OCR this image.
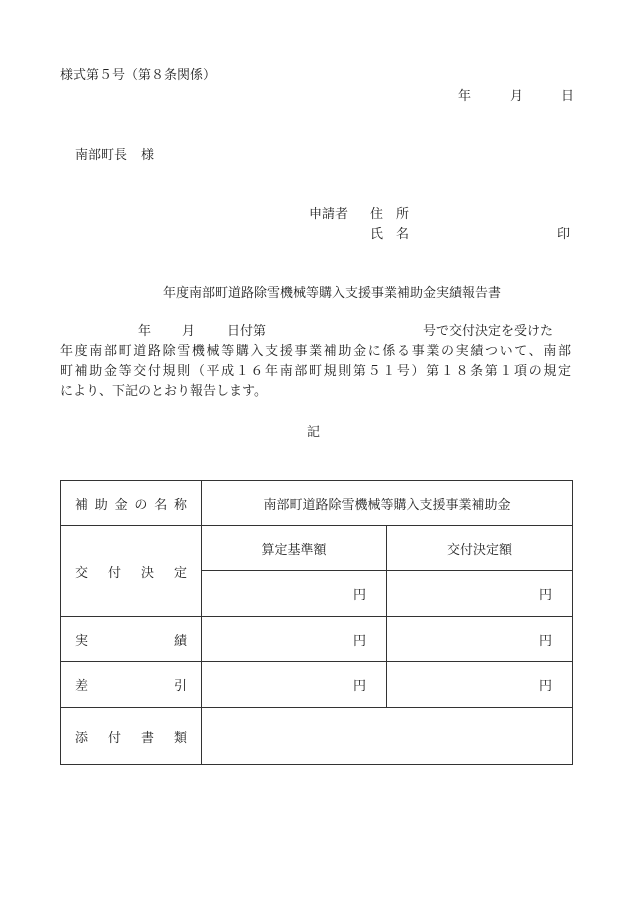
様式第５号（第８条関係）
年	月	日
南部町長 様
申請者 住　所
氏　名	印
年度南部町道路除雪機械等購入支援事業補助金実績報告書
年 月 日付第	号で交付決定を受けた
年度南部町道路除雪機械等購入支援事業補助金に係る事業の実績ついて、南部
町補助金等交付規則（平成１６年南部町規則第５１号）第１８条第１項の規定
により、下記のとおり報告します。
記
補助金の名称	南部町道路除雪機械等購入支援事業補助金	
交付決定	算定基準額	交付決定額
	円	円
実績	円	円
差引	円	円
添付書類		
